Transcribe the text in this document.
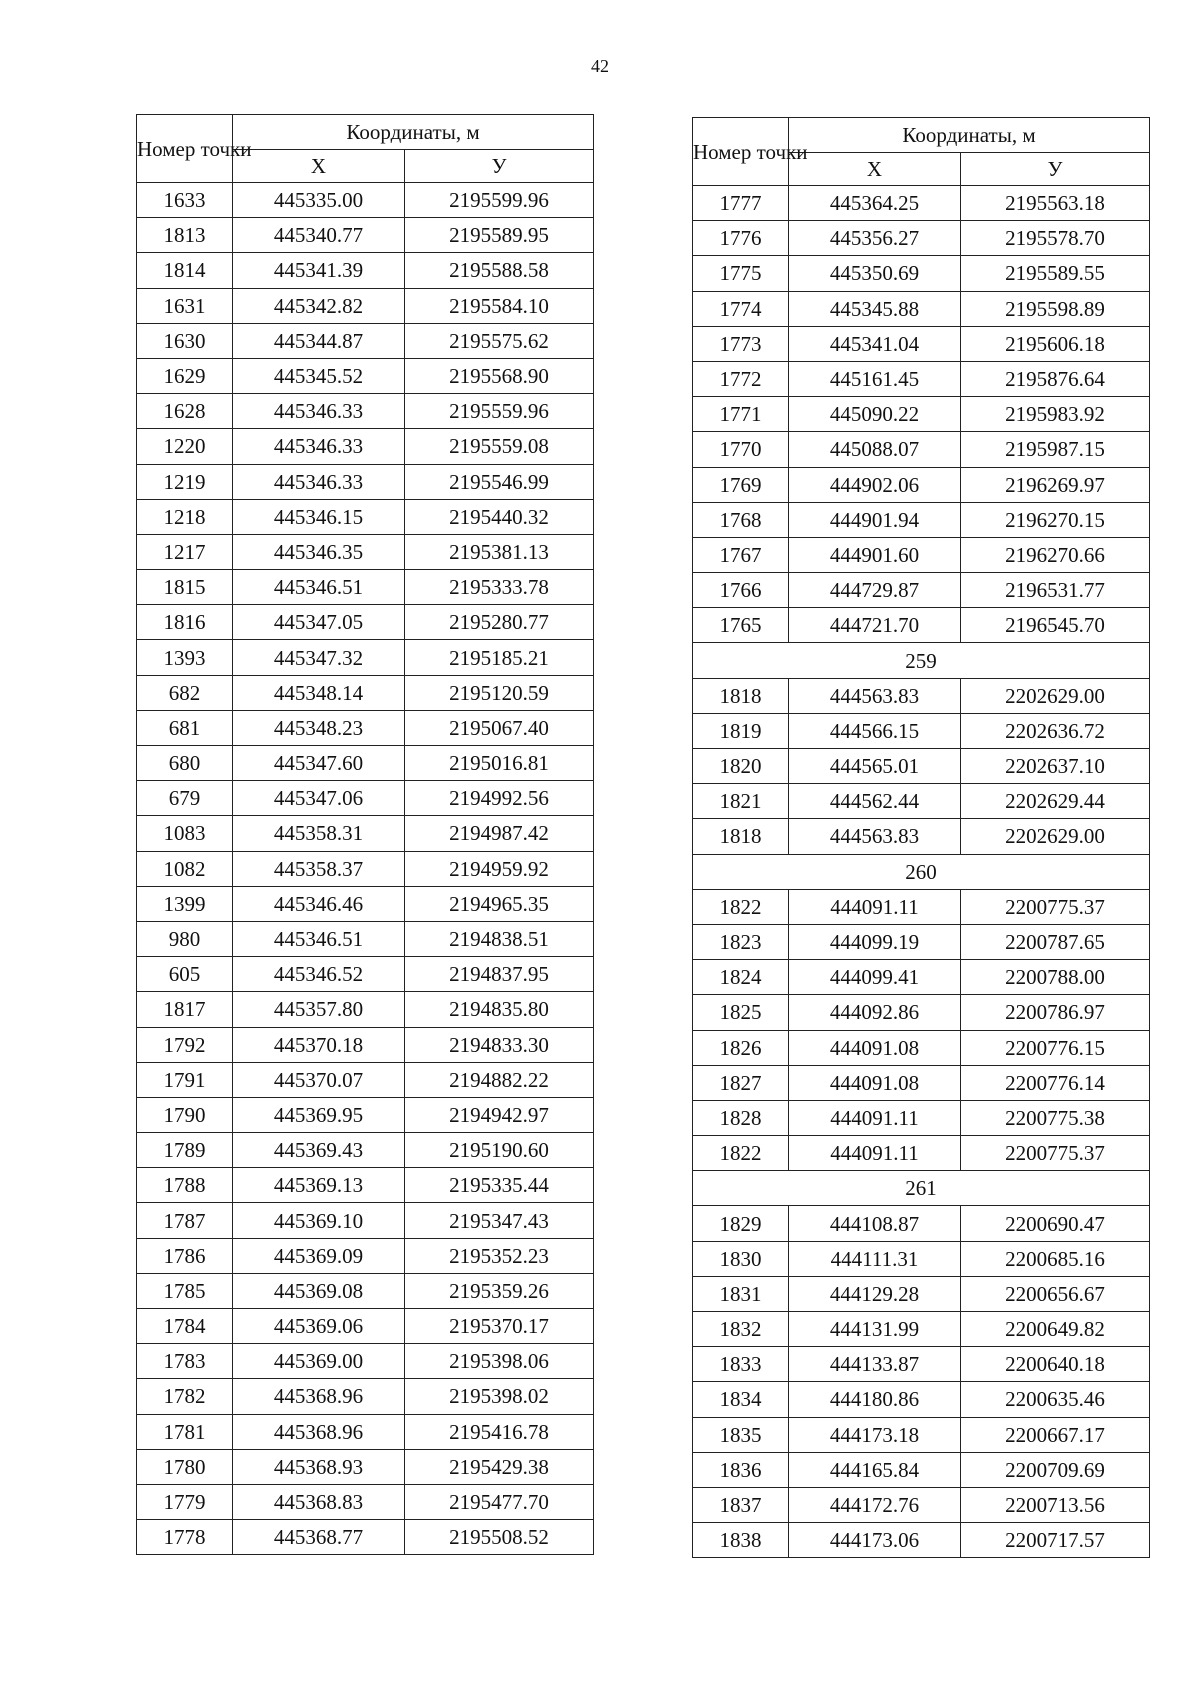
42
Номер точки	Координаты, м	
	X	У
1633	445335.00	2195599.96
1813	445340.77	2195589.95
1814	445341.39	2195588.58
1631	445342.82	2195584.10
1630	445344.87	2195575.62
1629	445345.52	2195568.90
1628	445346.33	2195559.96
1220	445346.33	2195559.08
1219	445346.33	2195546.99
1218	445346.15	2195440.32
1217	445346.35	2195381.13
1815	445346.51	2195333.78
1816	445347.05	2195280.77
1393	445347.32	2195185.21
682	445348.14	2195120.59
681	445348.23	2195067.40
680	445347.60	2195016.81
679	445347.06	2194992.56
1083	445358.31	2194987.42
1082	445358.37	2194959.92
1399	445346.46	2194965.35
980	445346.51	2194838.51
605	445346.52	2194837.95
1817	445357.80	2194835.80
1792	445370.18	2194833.30
1791	445370.07	2194882.22
1790	445369.95	2194942.97
1789	445369.43	2195190.60
1788	445369.13	2195335.44
1787	445369.10	2195347.43
1786	445369.09	2195352.23
1785	445369.08	2195359.26
1784	445369.06	2195370.17
1783	445369.00	2195398.06
1782	445368.96	2195398.02
1781	445368.96	2195416.78
1780	445368.93	2195429.38
1779	445368.83	2195477.70
1778	445368.77	2195508.52
Номер точки	Координаты, м	
	X	У
1777	445364.25	2195563.18
1776	445356.27	2195578.70
1775	445350.69	2195589.55
1774	445345.88	2195598.89
1773	445341.04	2195606.18
1772	445161.45	2195876.64
1771	445090.22	2195983.92
1770	445088.07	2195987.15
1769	444902.06	2196269.97
1768	444901.94	2196270.15
1767	444901.60	2196270.66
1766	444729.87	2196531.77
1765	444721.70	2196545.70
259		
1818	444563.83	2202629.00
1819	444566.15	2202636.72
1820	444565.01	2202637.10
1821	444562.44	2202629.44
1818	444563.83	2202629.00
260		
1822	444091.11	2200775.37
1823	444099.19	2200787.65
1824	444099.41	2200788.00
1825	444092.86	2200786.97
1826	444091.08	2200776.15
1827	444091.08	2200776.14
1828	444091.11	2200775.38
1822	444091.11	2200775.37
261		
1829	444108.87	2200690.47
1830	444111.31	2200685.16
1831	444129.28	2200656.67
1832	444131.99	2200649.82
1833	444133.87	2200640.18
1834	444180.86	2200635.46
1835	444173.18	2200667.17
1836	444165.84	2200709.69
1837	444172.76	2200713.56
1838	444173.06	2200717.57
